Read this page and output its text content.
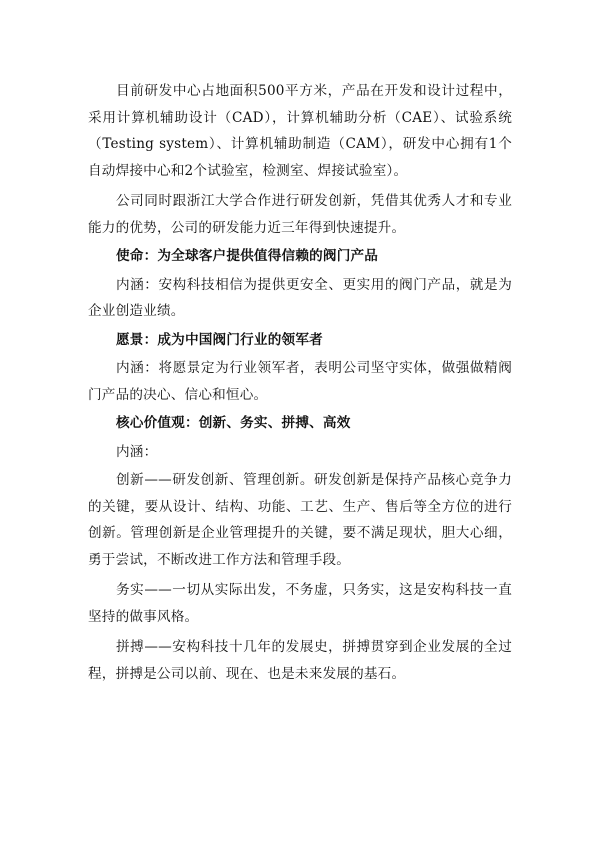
目前研发中心占地面积500平方米，产品在开发和设计过程中，采用计算机辅助设计（CAD），计算机辅助分析（CAE）、试验系统（Testing system）、计算机辅助制造（CAM），研发中心拥有1个自动焊接中心和2个试验室，检测室、焊接试验室）。

公司同时跟浙江大学合作进行研发创新，凭借其优秀人才和专业能力的优势，公司的研发能力近三年得到快速提升。

使命：为全球客户提供值得信赖的阀门产品

内涵：安构科技相信为提供更安全、更实用的阀门产品，就是为企业创造业绩。

愿景：成为中国阀门行业的领军者

内涵：将愿景定为行业领军者，表明公司坚守实体，做强做精阀门产品的决心、信心和恒心。

核心价值观：创新、务实、拼搏、高效

内涵：

创新——研发创新、管理创新。研发创新是保持产品核心竞争力的关键，要从设计、结构、功能、工艺、生产、售后等全方位的进行创新。管理创新是企业管理提升的关键，要不满足现状，胆大心细，勇于尝试，不断改进工作方法和管理手段。

务实——一切从实际出发，不务虚，只务实，这是安构科技一直坚持的做事风格。

拼搏——安构科技十几年的发展史，拼搏贯穿到企业发展的全过程，拼搏是公司以前、现在、也是未来发展的基石。
